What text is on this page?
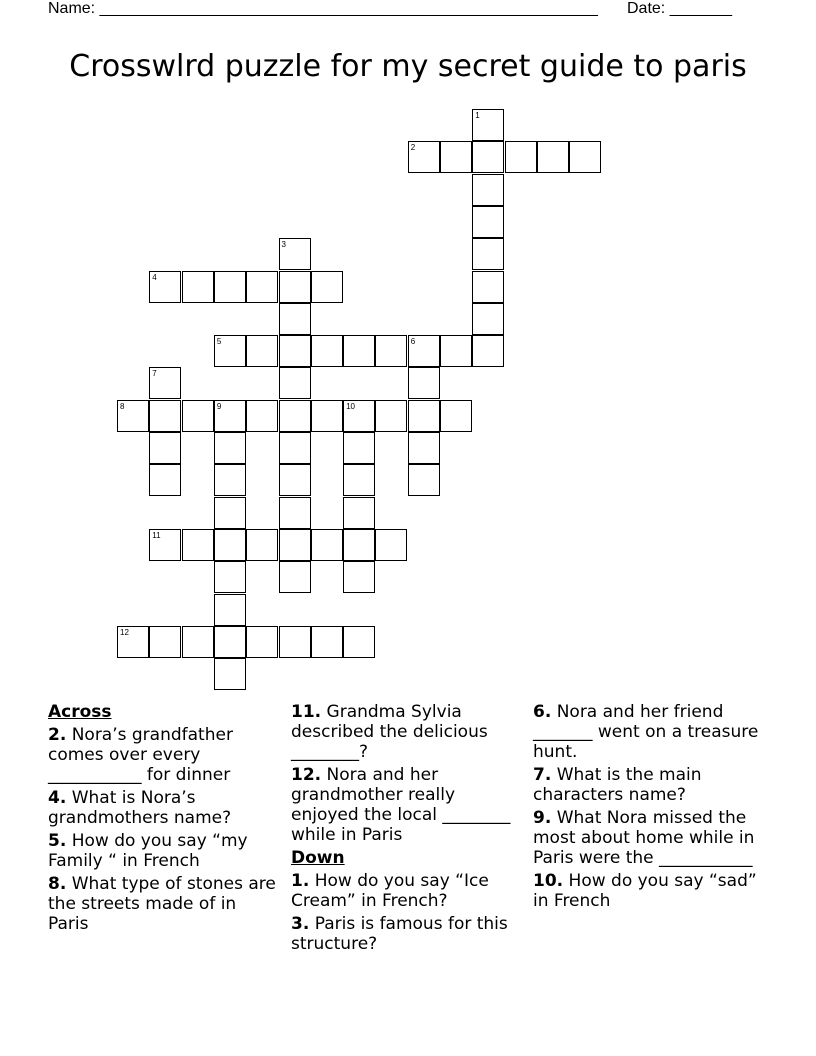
Name: ________________________________________________________ Date: _______
Crosswlrd puzzle for my secret guide to paris
1
2
3
4
5	6
7
8	9	10
11
12
Across
2. Nora’s grandfather comes over every ___________ for dinner
4. What is Nora’s grandmothers name?
5. How do you say “my Family “ in French
8. What type of stones are the streets made of in Paris
11. Grandma Sylvia described the delicious ________?
12. Nora and her grandmother really enjoyed the local ________ while in Paris
Down
1. How do you say “Ice Cream” in French?
3. Paris is famous for this structure?
6. Nora and her friend _______ went on a treasure hunt.
7. What is the main characters name?
9. What Nora missed the most about home while in Paris were the ___________
10. How do you say “sad” in French
